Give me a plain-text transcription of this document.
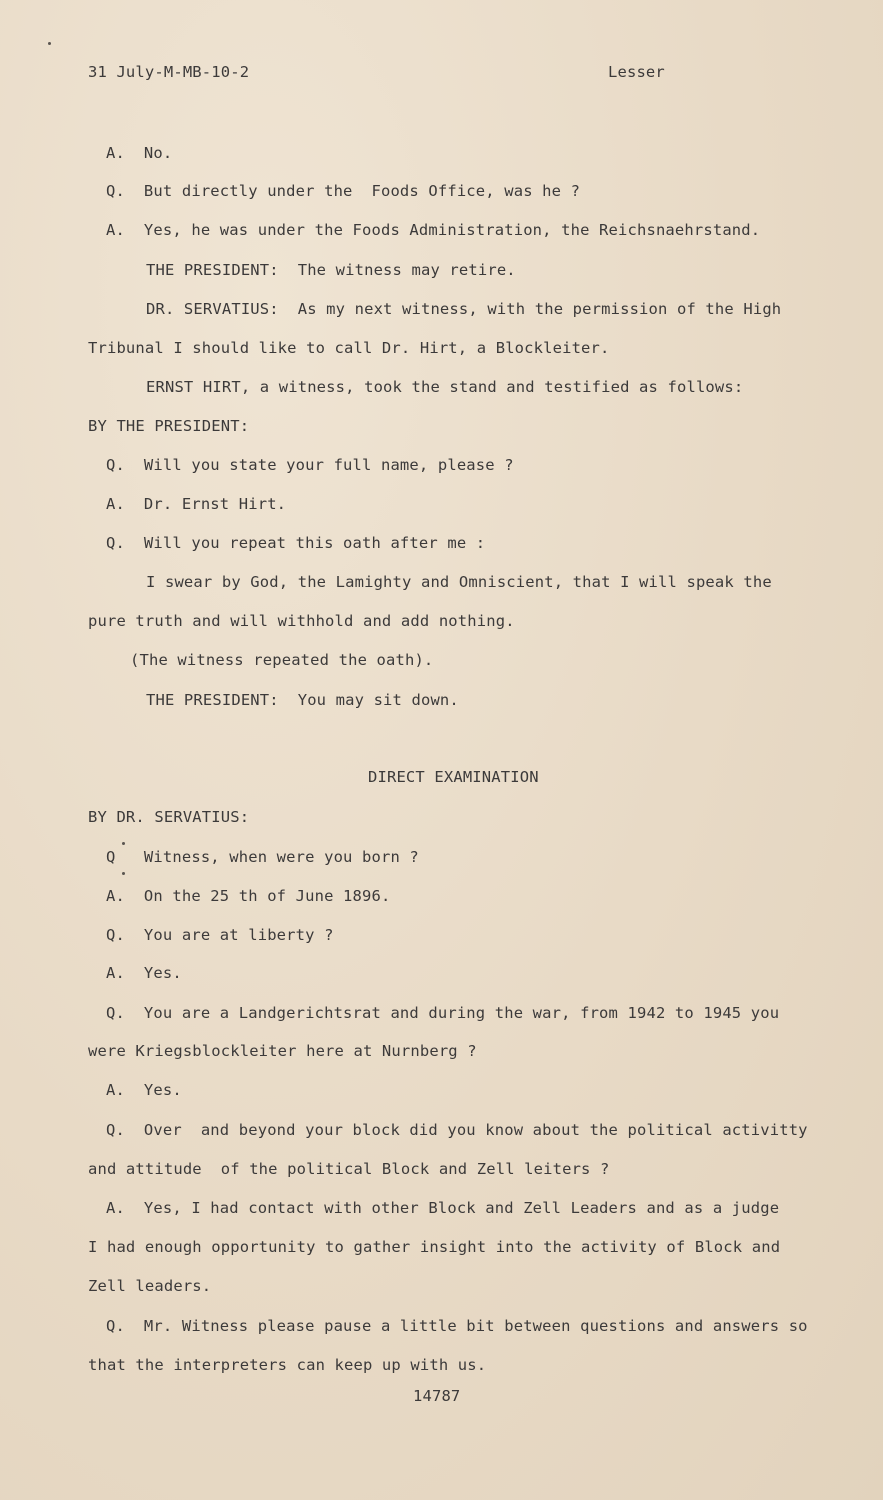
31 July-M-MB-10-2	Lesser
A.  No.
Q.  But directly under the  Foods Office, was he ?
A.  Yes, he was under the Foods Administration, the Reichsnaehrstand.
THE PRESIDENT:  The witness may retire.
DR. SERVATIUS:  As my next witness, with the permission of the High
Tribunal I should like to call Dr. Hirt, a Blockleiter.
ERNST HIRT, a witness, took the stand and testified as follows:
BY THE PRESIDENT:
Q.  Will you state your full name, please ?
A.  Dr. Ernst Hirt.
Q.  Will you repeat this oath after me :
I swear by God, the Lamighty and Omniscient, that I will speak the
pure truth and will withhold and add nothing.
(The witness repeated the oath).
THE PRESIDENT:  You may sit down.
DIRECT EXAMINATION
BY DR. SERVATIUS:
Q   Witness, when were you born ?
A.  On the 25 th of June 1896.
Q.  You are at liberty ?
A.  Yes.
Q.  You are a Landgerichtsrat and during the war, from 1942 to 1945 you
were Kriegsblockleiter here at Nurnberg ?
A.  Yes.
Q.  Over  and beyond your block did you know about the political activitty
and attitude  of the political Block and Zell leiters ?
A.  Yes, I had contact with other Block and Zell Leaders and as a judge
I had enough opportunity to gather insight into the activity of Block and
Zell leaders.
Q.  Mr. Witness please pause a little bit between questions and answers so
that the interpreters can keep up with us.
14787
